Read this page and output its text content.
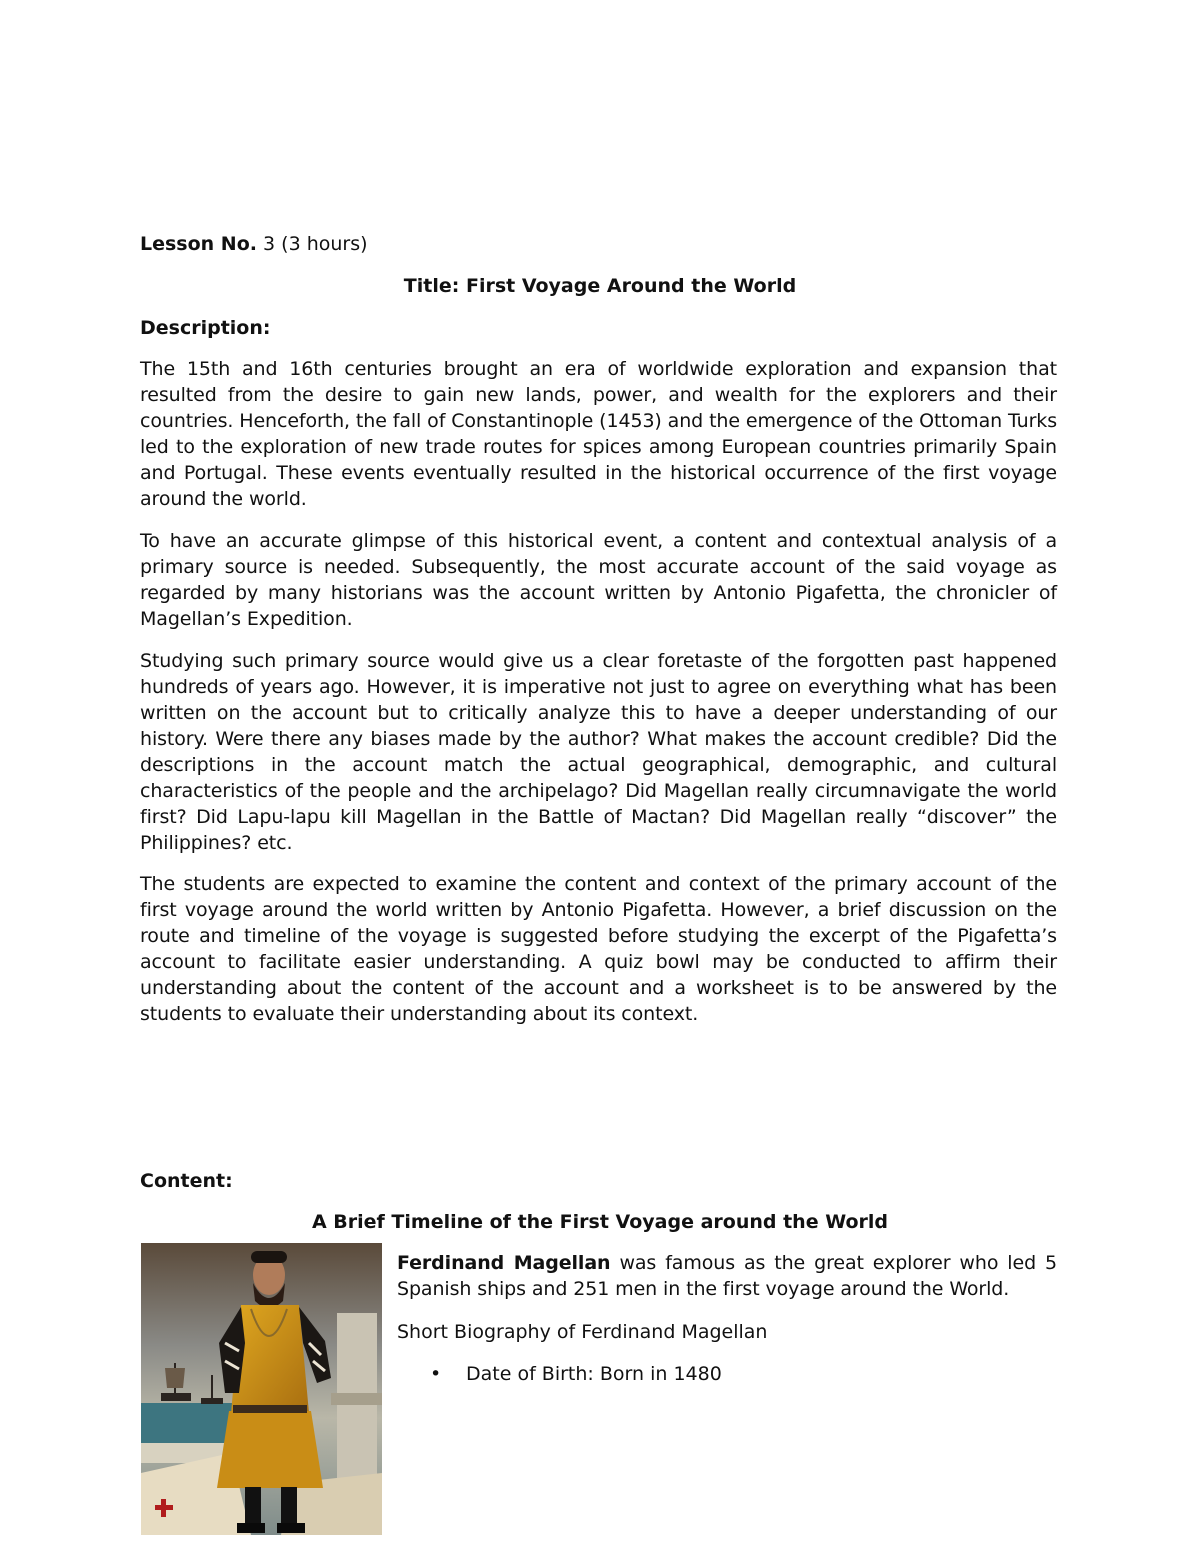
Lesson No. 3 (3 hours)
Title: First Voyage Around the World
Description:

The 15th and 16th centuries brought an era of worldwide exploration and expansion that resulted from the desire to gain new lands, power, and wealth for the explorers and their countries. Henceforth, the fall of Constantinople (1453) and the emergence of the Ottoman Turks led to the exploration of new trade routes for spices among European countries primarily Spain and Portugal. These events eventually resulted in the historical occurrence of the first voyage around the world.

To have an accurate glimpse of this historical event, a content and contextual analysis of a primary source is needed. Subsequently, the most accurate account of the said voyage as regarded by many historians was the account written by Antonio Pigafetta, the chronicler of Magellan’s Expedition.

Studying such primary source would give us a clear foretaste of the forgotten past happened hundreds of years ago. However, it is imperative not just to agree on everything what has been written on the account but to critically analyze this to have a deeper understanding of our history. Were there any biases made by the author? What makes the account credible? Did the descriptions in the account match the actual geographical, demographic, and cultural characteristics of the people and the archipelago? Did Magellan really circumnavigate the world first? Did Lapu-lapu kill Magellan in the Battle of Mactan? Did Magellan really “discover” the Philippines? etc.

The students are expected to examine the content and context of the primary account of the first voyage around the world written by Antonio Pigafetta. However, a brief discussion on the route and timeline of the voyage is suggested before studying the excerpt of the Pigafetta’s account to facilitate easier understanding. A quiz bowl may be conducted to affirm their understanding about the content of the account and a worksheet is to be answered by the students to evaluate their understanding about its context.

Content:
A Brief Timeline of the First Voyage around the World

Ferdinand Magellan was famous as the great explorer who led 5 Spanish ships and 251 men in the first voyage around the World.

Short Biography of Ferdinand Magellan
• Date of Birth: Born in 1480
